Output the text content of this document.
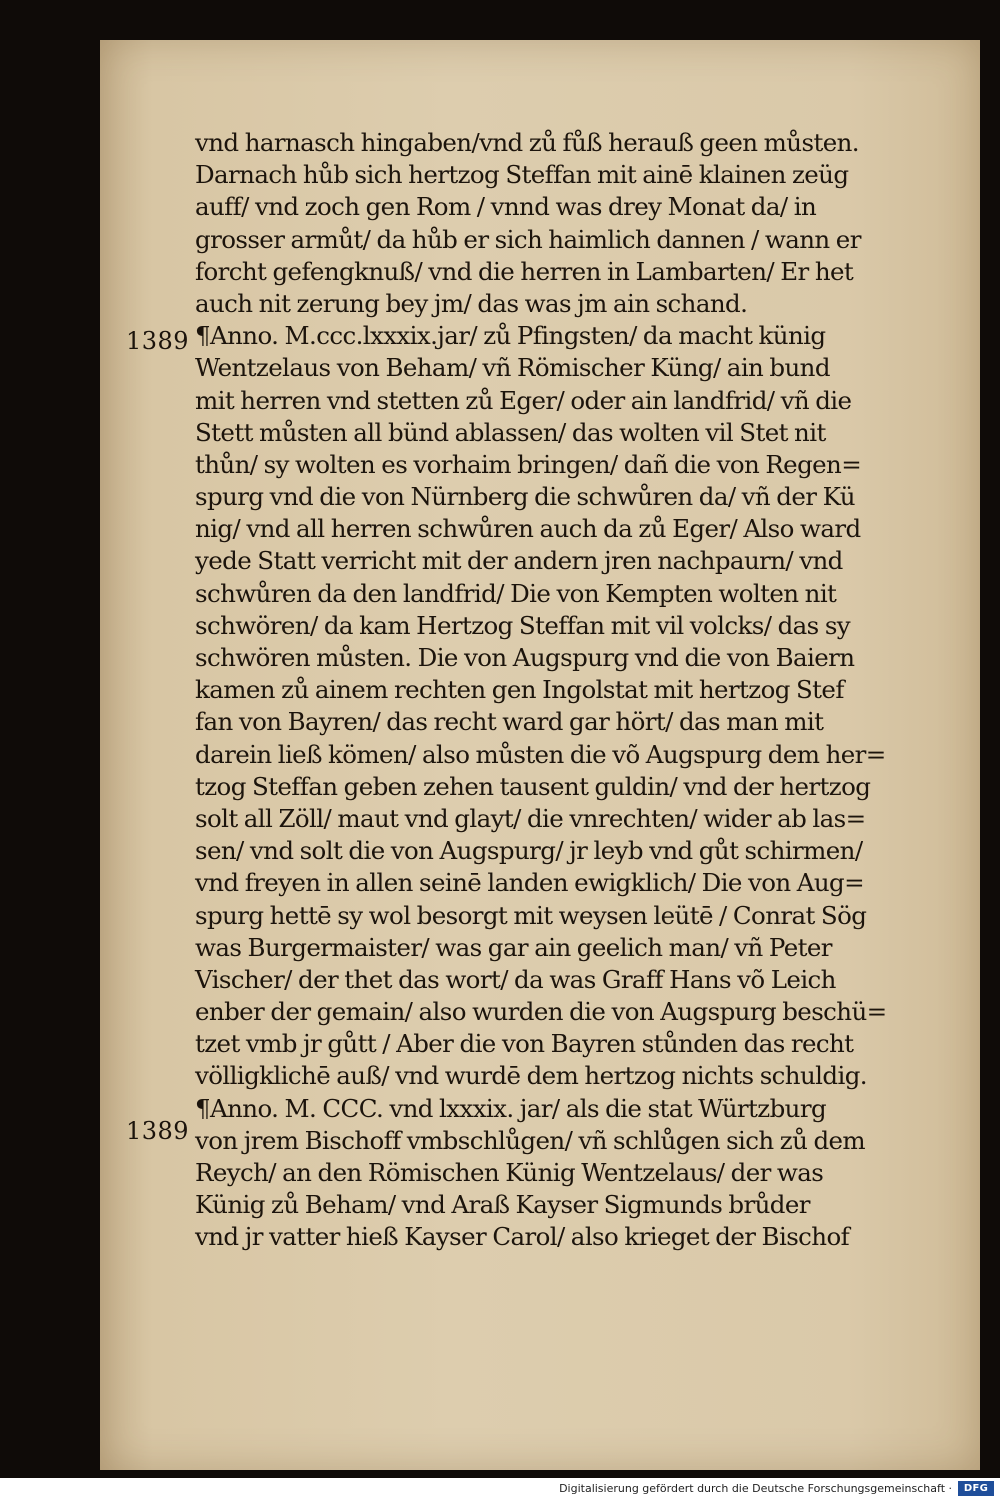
1389
1389
vnd harnasch hingaben/vnd zů fůß herauß geen můsten.
Darnach hůb sich hertzog Steffan mit ainē klainen zeüg
auff/ vnd zoch gen Rom / vnnd was drey Monat da/ in
grosser armůt/ da hůb er sich haimlich dannen / wann er
forcht gefengknuß/ vnd die herren in Lambarten/ Er het
auch nit zerung bey jm/ das was jm ain schand.
¶Anno. M.ccc.lxxxix.jar/ zů Pfingsten/ da macht künig
Wentzelaus von Beham/ vñ Römischer Küng/ ain bund
mit herren vnd stetten zů Eger/ oder ain landfrid/ vñ die
Stett můsten all bünd ablassen/ das wolten vil Stet nit
thůn/ sy wolten es vorhaim bringen/ dañ die von Regen=
spurg vnd die von Nürnberg die schwůren da/ vñ der Kü
nig/ vnd all herren schwůren auch da zů Eger/ Also ward
yede Statt verricht mit der andern jren nachpaurn/ vnd
schwůren da den landfrid/ Die von Kempten wolten nit
schwören/ da kam Hertzog Steffan mit vil volcks/ das sy
schwören můsten. Die von Augspurg vnd die von Baiern
kamen zů ainem rechten gen Ingolstat mit hertzog Stef
fan von Bayren/ das recht ward gar hört/ das man mit
darein ließ kömen/ also můsten die võ Augspurg dem her=
tzog Steffan geben zehen tausent guldin/ vnd der hertzog
solt all Zöll/ maut vnd glayt/ die vnrechten/ wider ab las=
sen/ vnd solt die von Augspurg/ jr leyb vnd gůt schirmen/
vnd freyen in allen seinē landen ewigklich/ Die von Aug=
spurg hettē sy wol besorgt mit weysen leütē / Conrat Sög
was Burgermaister/ was gar ain geelich man/ vñ Peter
Vischer/ der thet das wort/ da was Graff Hans võ Leich
enber der gemain/ also wurden die von Augspurg beschü=
tzet vmb jr gůtt / Aber die von Bayren stůnden das recht
völligklichē auß/ vnd wurdē dem hertzog nichts schuldig.
¶Anno. M. CCC. vnd lxxxix. jar/ als die stat Würtzburg
von jrem Bischoff vmbschlůgen/ vñ schlůgen sich zů dem
Reych/ an den Römischen Künig Wentzelaus/ der was
Künig zů Beham/ vnd Araß Kayser Sigmunds brůder
vnd jr vatter hieß Kayser Carol/ also krieget der Bischof
Digitalisierung gefördert durch die Deutsche Forschungsgemeinschaft ·	DFG
